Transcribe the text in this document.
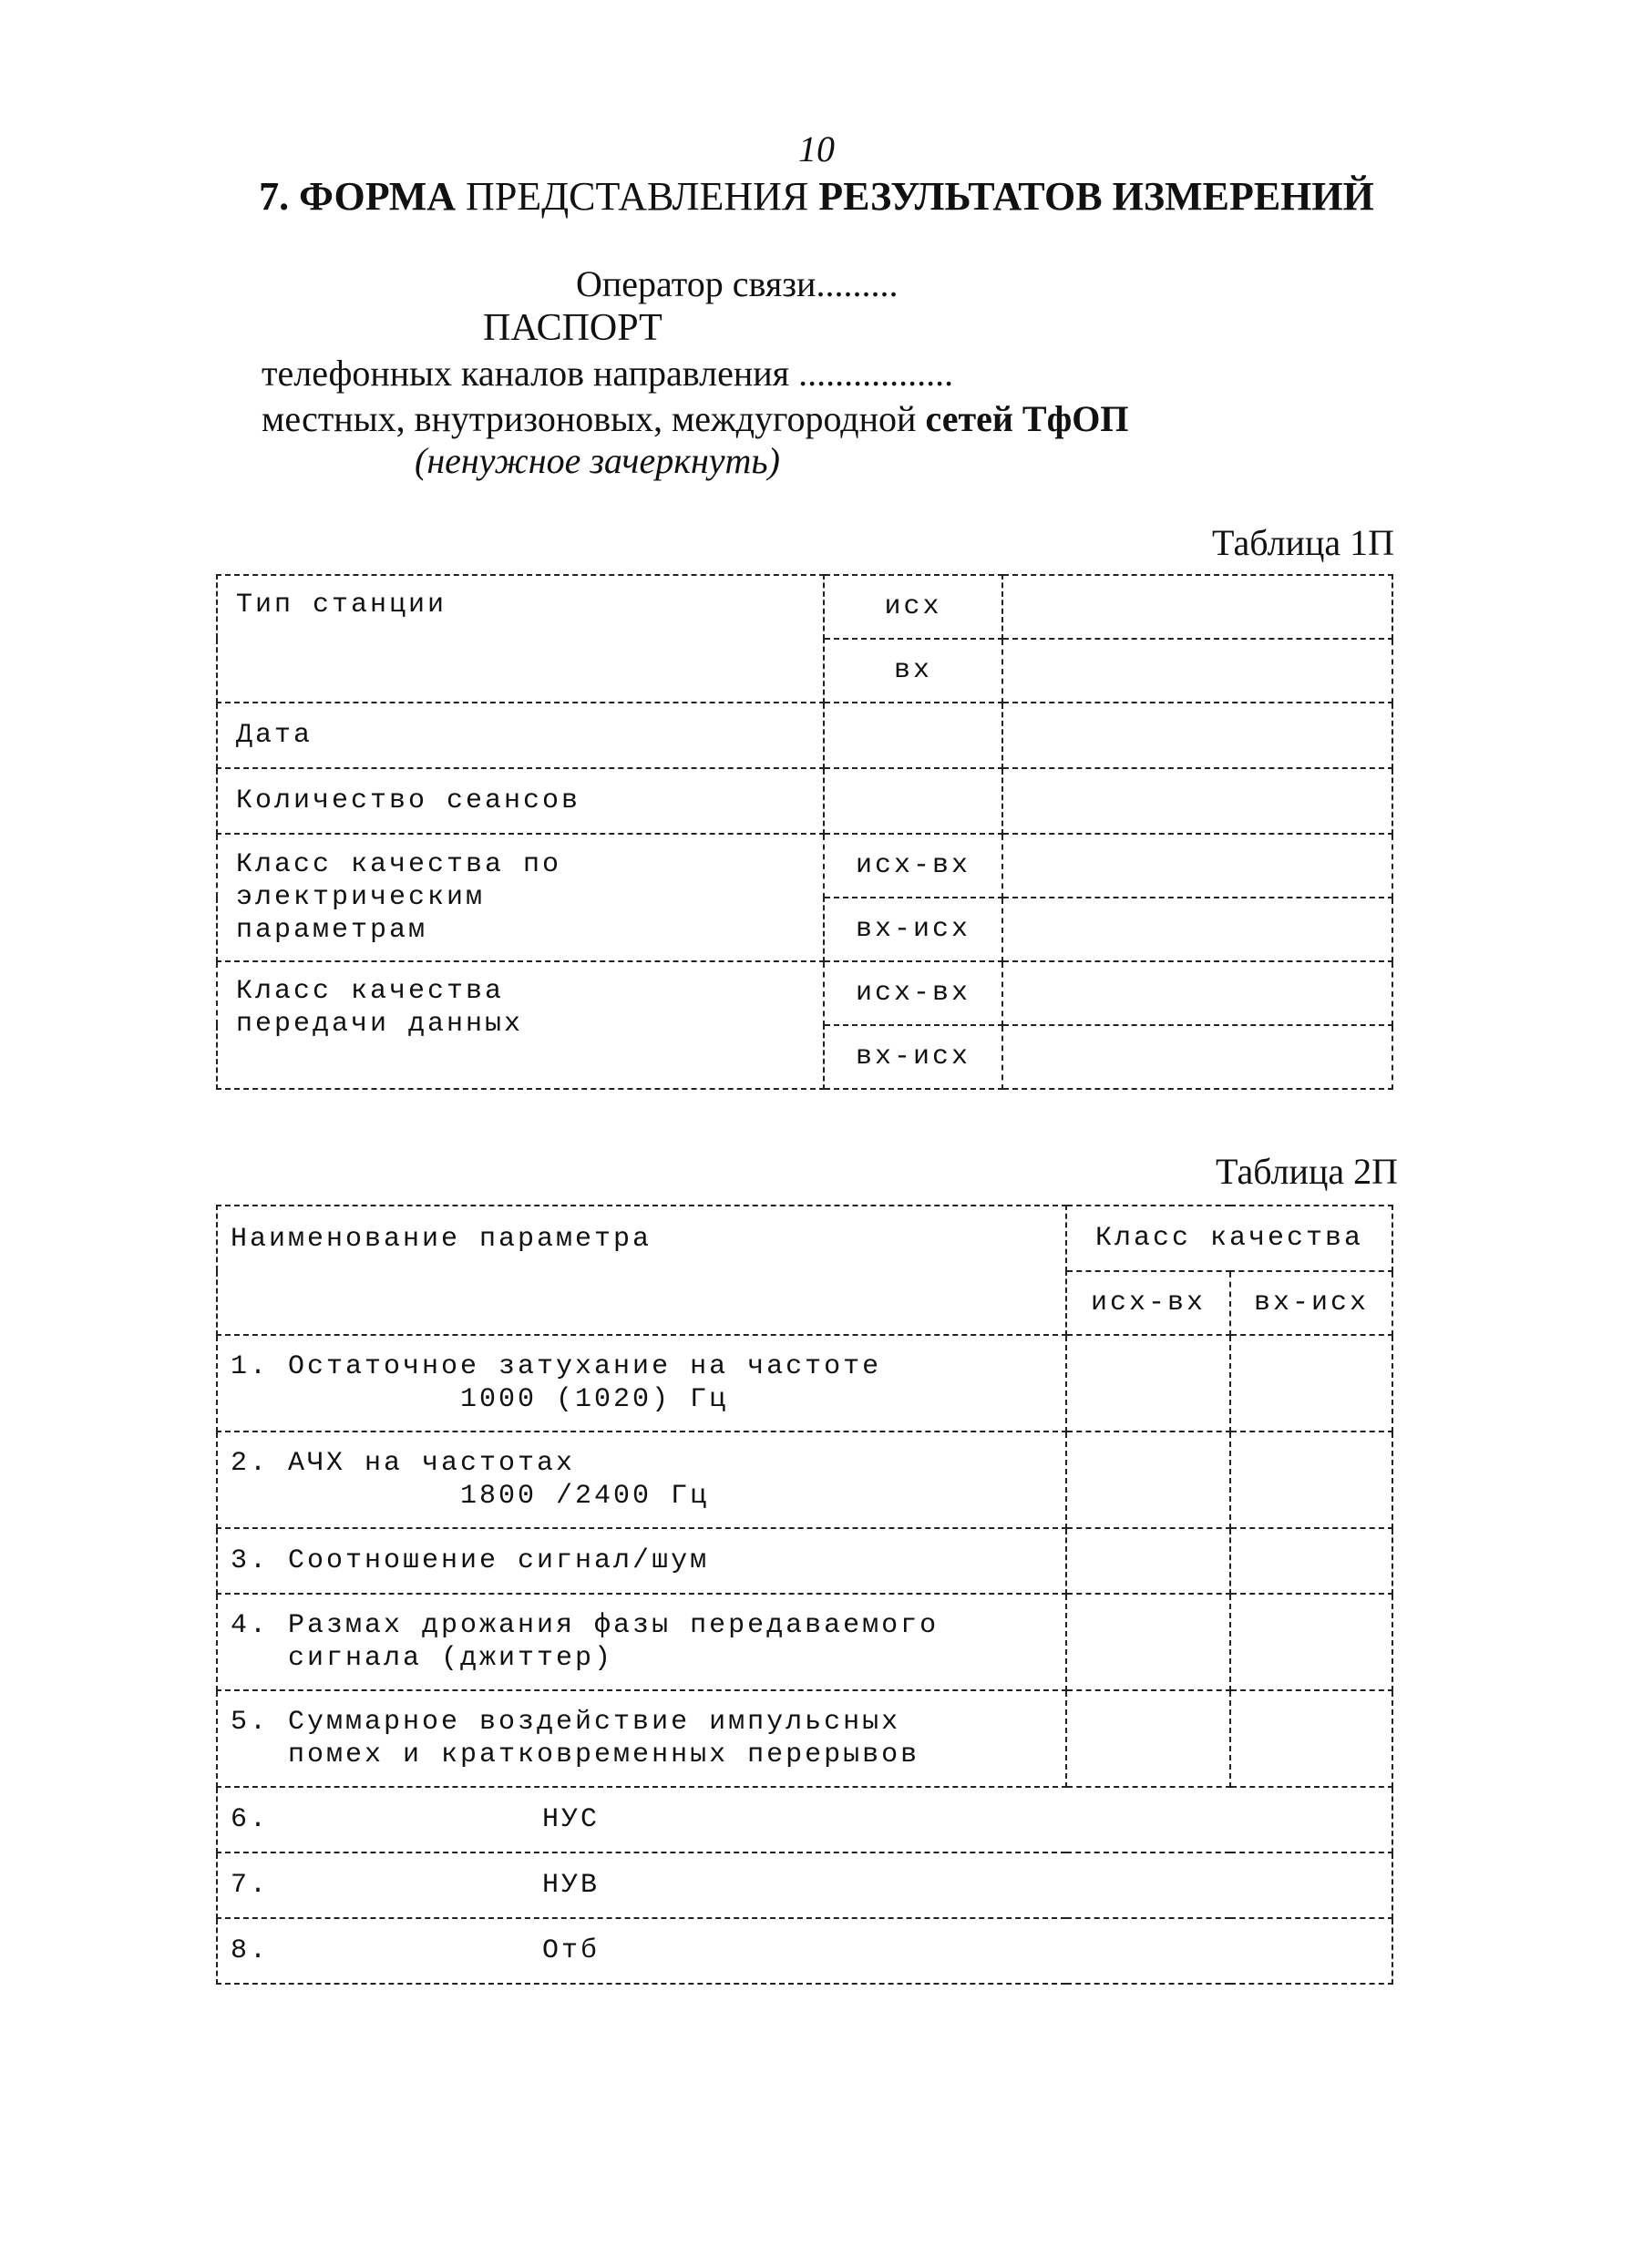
10
7. ФОРМА ПРЕДСТАВЛЕНИЯ РЕЗУЛЬТАТОВ ИЗМЕРЕНИЙ
Оператор связи.........
ПАСПОРТ
телефонных каналов направления .................
местных, внутризоновых, междугородной сетей ТфОП
(ненужное зачеркнуть)
Таблица 1П
Тип станции	исх	
	вх	
Дата		
Количество сеансов		
Класс качества по
электрическим
параметрам	исх-вх	
	вх-исх	
Класс качества
передачи данных	исх-вх	
	вх-исх	
Таблица 2П
Наименование параметра	Класс качества	
	исх-вх	вх-исх
1. Остаточное затухание на частоте
1000 (1020) Гц		
2. АЧХ на частотах
1800 /2400 Гц		
3. Соотношение сигнал/шум		
4. Размах дрожания фазы передаваемого
сигнала (джиттер)		
5. Суммарное воздействие импульсных
помех и кратковременных перерывов		
6. НУС		
7. НУВ		
8. Отб		
